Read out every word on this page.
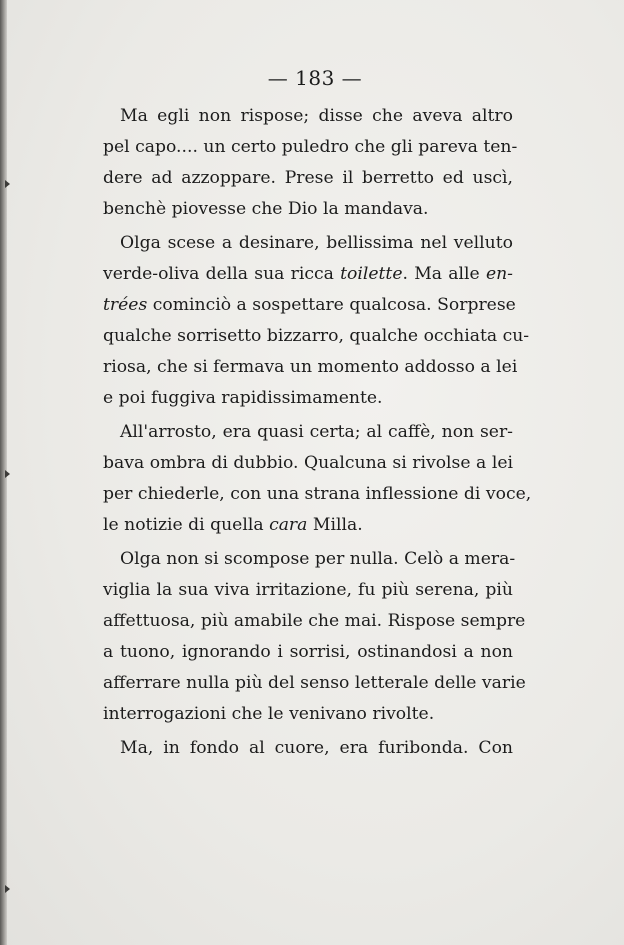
— 183 —
Ma egli non rispose; disse che aveva altro
pel capo.... un certo puledro che gli pareva ten-
dere ad azzoppare. Prese il berretto ed uscì,
benchè piovesse che Dio la mandava.
Olga scese a desinare, bellissima nel velluto
verde-oliva della sua ricca toilette. Ma alle en-
trées cominciò a sospettare qualcosa. Sorprese
qualche sorrisetto bizzarro, qualche occhiata cu-
riosa, che si fermava un momento addosso a lei
e poi fuggiva rapidissimamente.
All'arrosto, era quasi certa; al caffè, non ser-
bava ombra di dubbio. Qualcuna si rivolse a lei
per chiederle, con una strana inflessione di voce,
le notizie di quella cara Milla.
Olga non si scompose per nulla. Celò a mera-
viglia la sua viva irritazione, fu più serena, più
affettuosa, più amabile che mai. Rispose sempre
a tuono, ignorando i sorrisi, ostinandosi a non
afferrare nulla più del senso letterale delle varie
interrogazioni che le venivano rivolte.
Ma, in fondo al cuore, era furibonda. Con
